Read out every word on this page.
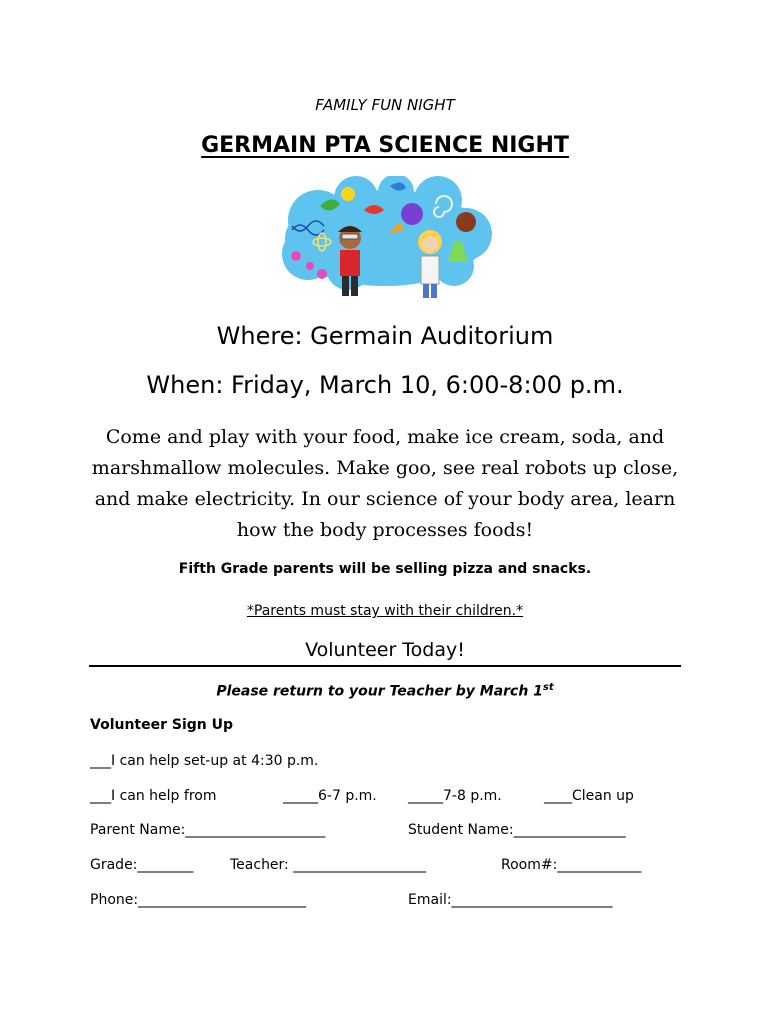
FAMILY FUN NIGHT
GERMAIN PTA SCIENCE NIGHT
Where: Germain Auditorium
When: Friday, March 10, 6:00-8:00 p.m.
Come and play with your food, make ice cream, soda, and marshmallow molecules. Make goo, see real robots up close, and make electricity. In our science of your body area, learn how the body processes foods!
Fifth Grade parents will be selling pizza and snacks.
*Parents must stay with their children.*
Volunteer Today!
Please return to your Teacher by March 1st
Volunteer Sign Up
___I can help set-up at 4:30 p.m.
___I can help from	_____6-7 p.m. _____7-8 p.m.	____Clean up
Parent Name:____________________	Student Name:________________
Grade:________	Teacher: ___________________	Room#:____________
Phone:________________________	Email:_______________________
